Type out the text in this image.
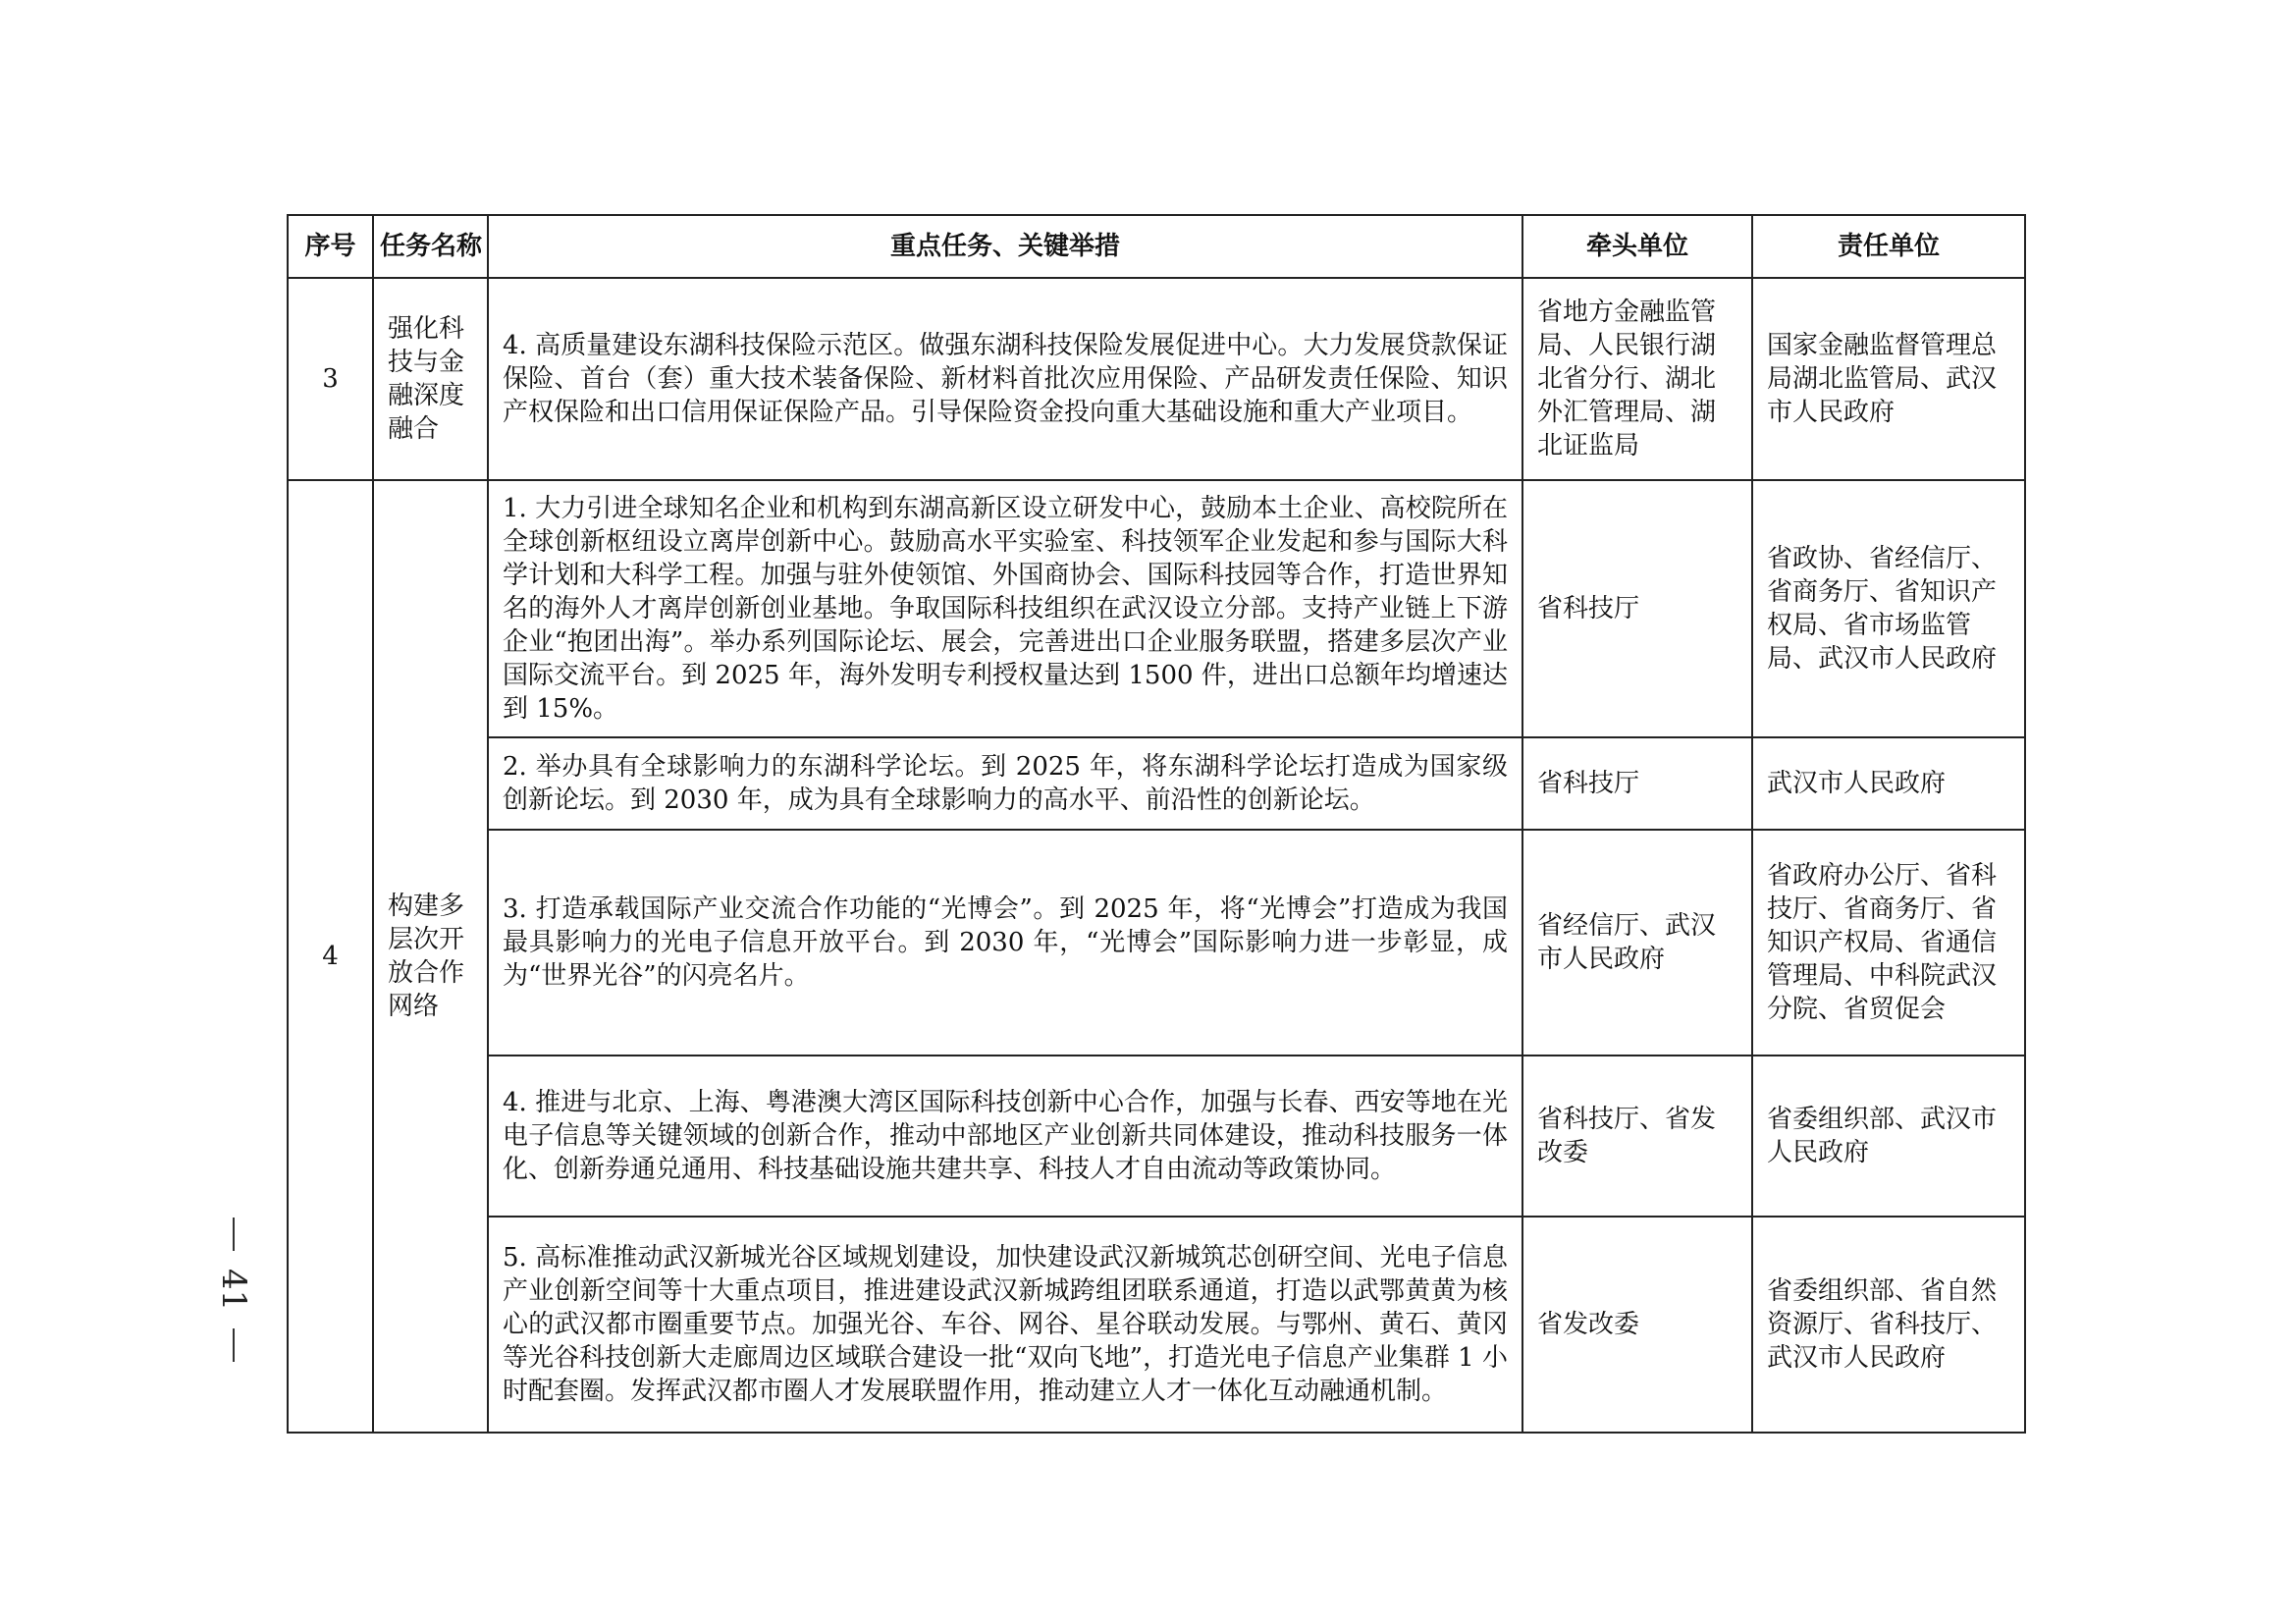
序号	任务名称	重点任务、关键举措	牵头单位	责任单位
3	强化科技与金融深度融合	4. 高质量建设东湖科技保险示范区。做强东湖科技保险发展促进中心。大力发展贷款保证保险、首台（套）重大技术装备保险、新材料首批次应用保险、产品研发责任保险、知识产权保险和出口信用保证保险产品。引导保险资金投向重大基础设施和重大产业项目。	省地方金融监管局、人民银行湖北省分行、湖北外汇管理局、湖北证监局	国家金融监督管理总局湖北监管局、武汉市人民政府
4	构建多层次开放合作网络	1. 大力引进全球知名企业和机构到东湖高新区设立研发中心，鼓励本土企业、高校院所在全球创新枢纽设立离岸创新中心。鼓励高水平实验室、科技领军企业发起和参与国际大科学计划和大科学工程。加强与驻外使领馆、外国商协会、国际科技园等合作，打造世界知名的海外人才离岸创新创业基地。争取国际科技组织在武汉设立分部。支持产业链上下游企业“抱团出海”。举办系列国际论坛、展会，完善进出口企业服务联盟，搭建多层次产业国际交流平台。到 2025 年，海外发明专利授权量达到 1500 件，进出口总额年均增速达到 15%。	省科技厅	省政协、省经信厅、省商务厅、省知识产权局、省市场监管局、武汉市人民政府
		2. 举办具有全球影响力的东湖科学论坛。到 2025 年，将东湖科学论坛打造成为国家级创新论坛。到 2030 年，成为具有全球影响力的高水平、前沿性的创新论坛。	省科技厅	武汉市人民政府
		3. 打造承载国际产业交流合作功能的“光博会”。到 2025 年，将“光博会”打造成为我国最具影响力的光电子信息开放平台。到 2030 年，“光博会”国际影响力进一步彰显，成为“世界光谷”的闪亮名片。	省经信厅、武汉市人民政府	省政府办公厅、省科技厅、省商务厅、省知识产权局、省通信管理局、中科院武汉分院、省贸促会
		4. 推进与北京、上海、粤港澳大湾区国际科技创新中心合作，加强与长春、西安等地在光电子信息等关键领域的创新合作，推动中部地区产业创新共同体建设，推动科技服务一体化、创新券通兑通用、科技基础设施共建共享、科技人才自由流动等政策协同。	省科技厅、省发改委	省委组织部、武汉市人民政府
		5. 高标准推动武汉新城光谷区域规划建设，加快建设武汉新城筑芯创研空间、光电子信息产业创新空间等十大重点项目，推进建设武汉新城跨组团联系通道，打造以武鄂黄黄为核心的武汉都市圈重要节点。加强光谷、车谷、网谷、星谷联动发展。与鄂州、黄石、黄冈等光谷科技创新大走廊周边区域联合建设一批“双向飞地”，打造光电子信息产业集群 1 小时配套圈。发挥武汉都市圈人才发展联盟作用，推动建立人才一体化互动融通机制。	省发改委	省委组织部、省自然资源厅、省科技厅、武汉市人民政府
41
